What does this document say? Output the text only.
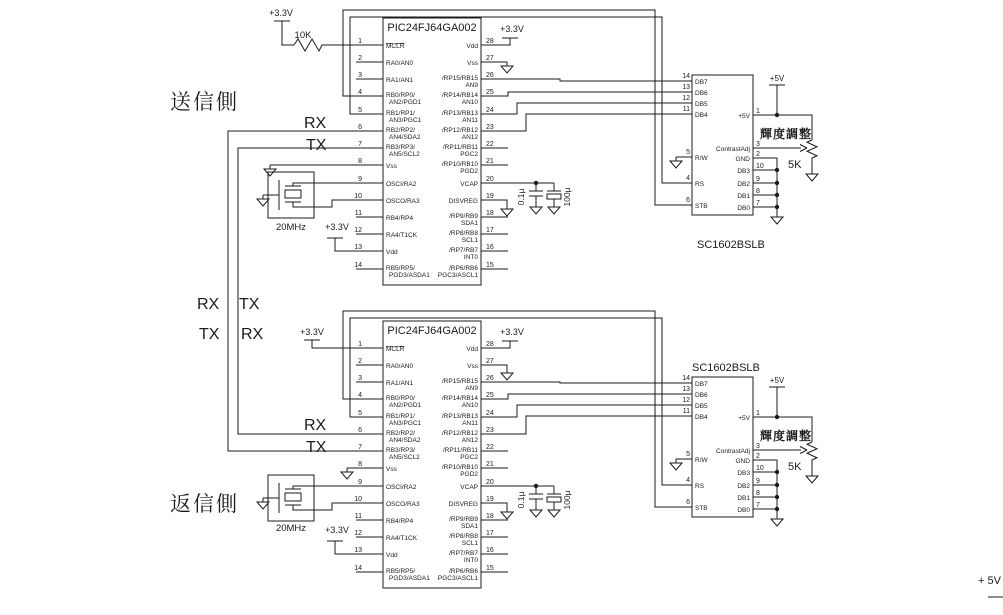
PIC24FJ64GA002
PIC24FJ64GA002
SC1602BSLB
SC1602BSLB
送信側
返信側
RX
TX
RX TX
TX RX
RX
TX
+3.3V
+3.3V
+3.3V
+3.3V	+3.3V
+3.3V
+5V
+5V
+ 5V
10K
20MHz
20MHz
0.1μ	100μ
0.1μ	100μ
5K
5K
輝度調整
輝度調整
1
MCLR
28
Vdd
2
RA0/AN0
27
Vss
3
RA1/AN1
26
/RP15/RB15
AN9
4	RB0/RP0/
AN2/PGD1
25
/RP14/RB14
AN10
5	RB1/RP1/
AN3/PGC1
24
/RP13/RB13
AN11
6	RB2/RP2/
AN4/SDA2
23
/RP12/RB12
AN12
7	RB3/RP3/
AN5/SCL2
22
/RP11/RB11
PGC2
8
Vss
21
/RP10/RB10
PGD2
9
OSCI/RA2
20
VCAP
10
OSCO/RA3
19
DISVREG
11
RB4/RP4
18
/RP9/RB9
SDA1
12
RA4/T1CK
17
/RP8/RB8
SCL1
13
Vdd
16
/RP7/RB7
INT0
14	RB5/RP5/
PGD3/ASDA1
15
/RP6/RB6
PGC3/ASCL1
1
MCLR
28
Vdd
2
RA0/AN0
27
Vss
3
RA1/AN1
26
/RP15/RB15
AN9
4	RB0/RP0/
AN2/PGD1
25
/RP14/RB14
AN10
5	RB1/RP1/
AN3/PGC1
24
/RP13/RB13
AN11
6	RB2/RP2/
AN4/SDA2
23
/RP12/RB12
AN12
7	RB3/RP3/
AN5/SCL2
22
/RP11/RB11
PGC2
8
Vss
21
/RP10/RB10
PGD2
9
OSCI/RA2
20
VCAP
10
OSCO/RA3
19
DISVREG
11
RB4/RP4
18
/RP9/RB9
SDA1
12
RA4/T1CK
17
/RP8/RB8
SCL1
13
Vdd
16
/RP7/RB7
INT0
14	RB5/RP5/
PGD3/ASDA1
15
/RP6/RB6
PGC3/ASCL1
14
DB7
13
DB6
12
DB5
11
DB4
5
R/W
4
RS
6
STB
1
+5V
3
ContrastAdj
2
GND
10
DB3
9
DB2
8
DB1
7
DB0
14
DB7
13
DB6
12
DB5
11
DB4
5
R/W
4
RS
6
STB
1
+5V
3
ContrastAdj
2
GND
10
DB3
9
DB2
8
DB1
7
DB0
